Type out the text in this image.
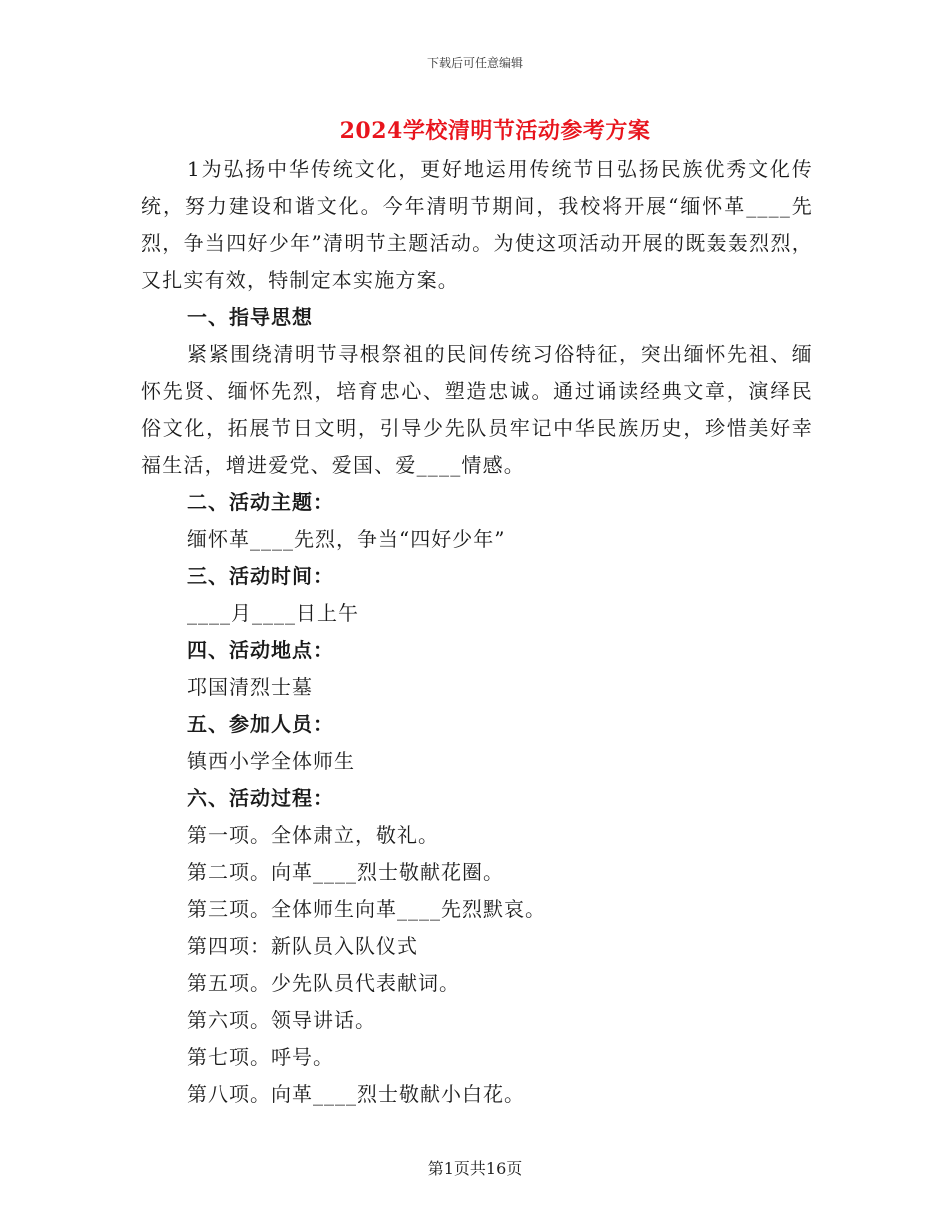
下载后可任意编辑
2024学校清明节活动参考方案

1为弘扬中华传统文化，更好地运用传统节日弘扬民族优秀文化传统，努力建设和谐文化。今年清明节期间，我校将开展“缅怀革____先烈，争当四好少年”清明节主题活动。为使这项活动开展的既轰轰烈烈，又扎实有效，特制定本实施方案。

一、指导思想

紧紧围绕清明节寻根祭祖的民间传统习俗特征，突出缅怀先祖、缅怀先贤、缅怀先烈，培育忠心、塑造忠诚。通过诵读经典文章，演绎民俗文化，拓展节日文明，引导少先队员牢记中华民族历史，珍惜美好幸福生活，增进爱党、爱国、爱____情感。

二、活动主题：

缅怀革____先烈，争当“四好少年”

三、活动时间：

____月____日上午

四、活动地点：

邛国清烈士墓

五、参加人员：

镇西小学全体师生

六、活动过程：

第一项。全体肃立，敬礼。

第二项。向革____烈士敬献花圈。

第三项。全体师生向革____先烈默哀。

第四项：新队员入队仪式

第五项。少先队员代表献词。

第六项。领导讲话。

第七项。呼号。

第八项。向革____烈士敬献小白花。

第1页共16页
